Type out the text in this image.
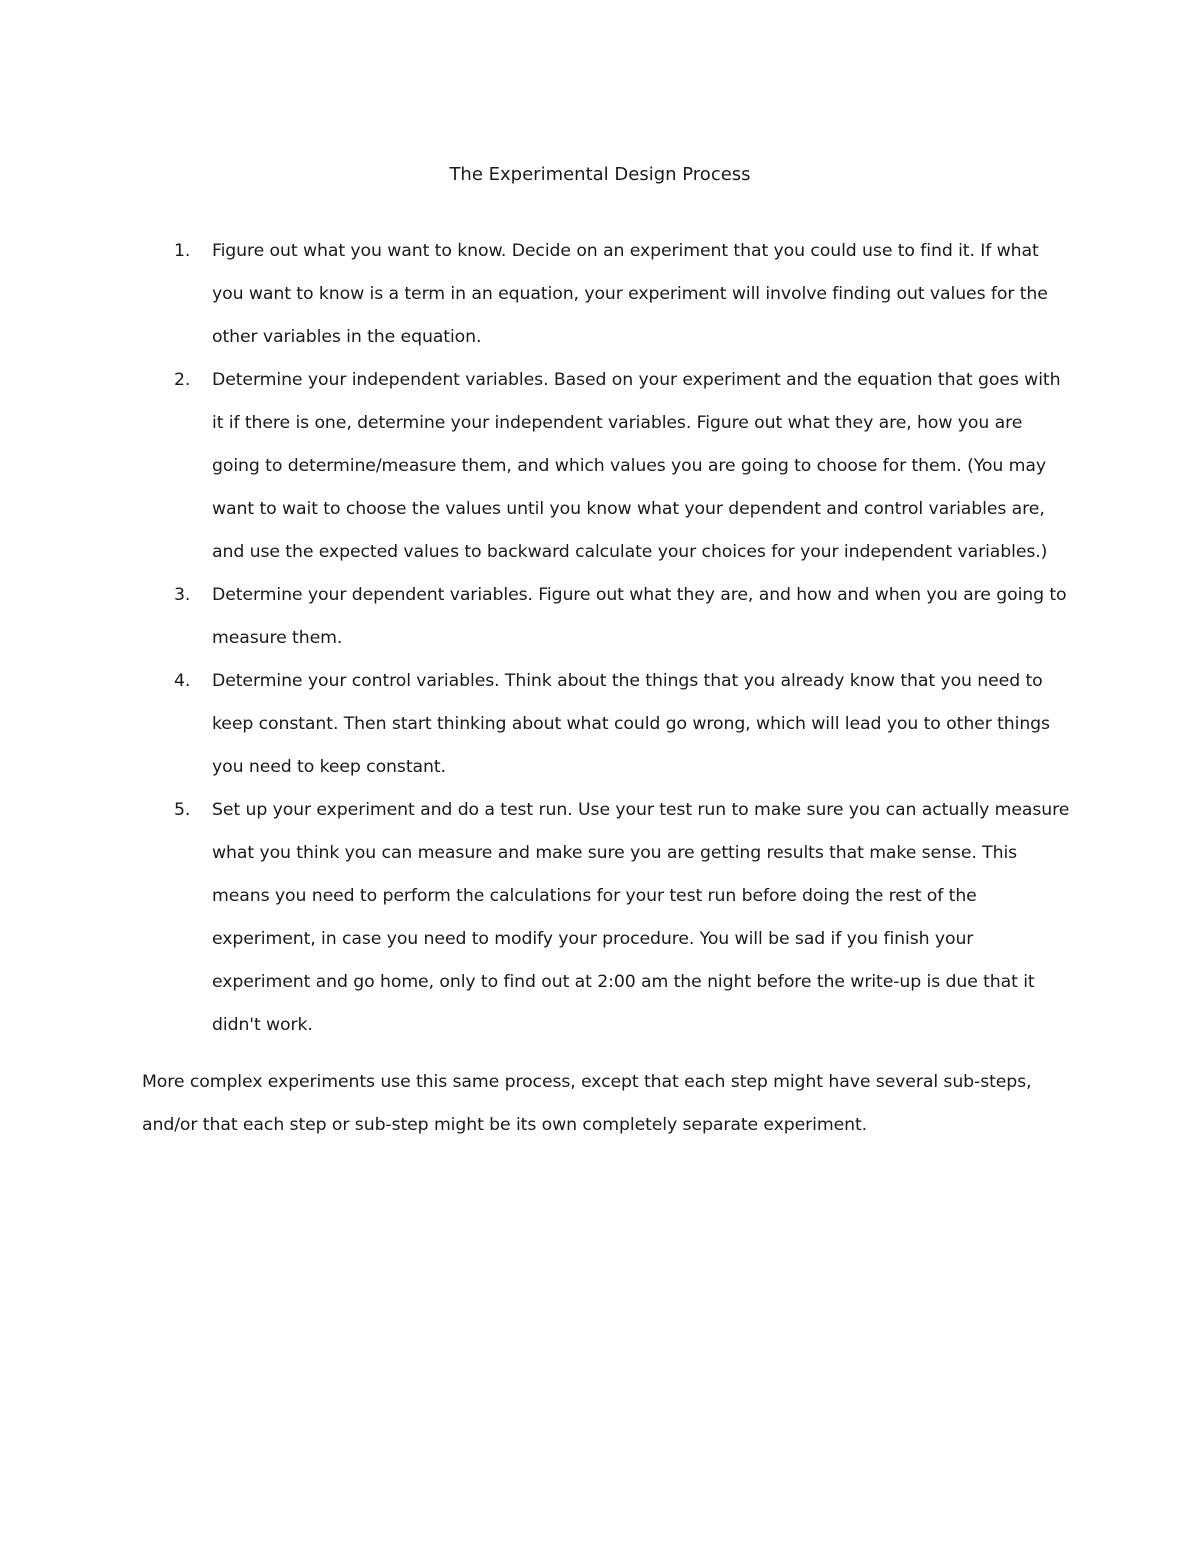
The Experimental Design Process
1.	Figure out what you want to know. Decide on an experiment that you could use to find it. If what you want to know is a term in an equation, your experiment will involve finding out values for the other variables in the equation.
2.	Determine your independent variables. Based on your experiment and the equation that goes with it if there is one, determine your independent variables. Figure out what they are, how you are going to determine/measure them, and which values you are going to choose for them. (You may want to wait to choose the values until you know what your dependent and control variables are, and use the expected values to backward calculate your choices for your independent variables.)
3.	Determine your dependent variables. Figure out what they are, and how and when you are going to measure them.
4.	Determine your control variables. Think about the things that you already know that you need to keep constant. Then start thinking about what could go wrong, which will lead you to other things you need to keep constant.
5.	Set up your experiment and do a test run. Use your test run to make sure you can actually measure what you think you can measure and make sure you are getting results that make sense. This means you need to perform the calculations for your test run before doing the rest of the experiment, in case you need to modify your procedure. You will be sad if you finish your experiment and go home, only to find out at 2:00 am the night before the write-up is due that it didn't work.

More complex experiments use this same process, except that each step might have several sub-steps, and/or that each step or sub-step might be its own completely separate experiment.
